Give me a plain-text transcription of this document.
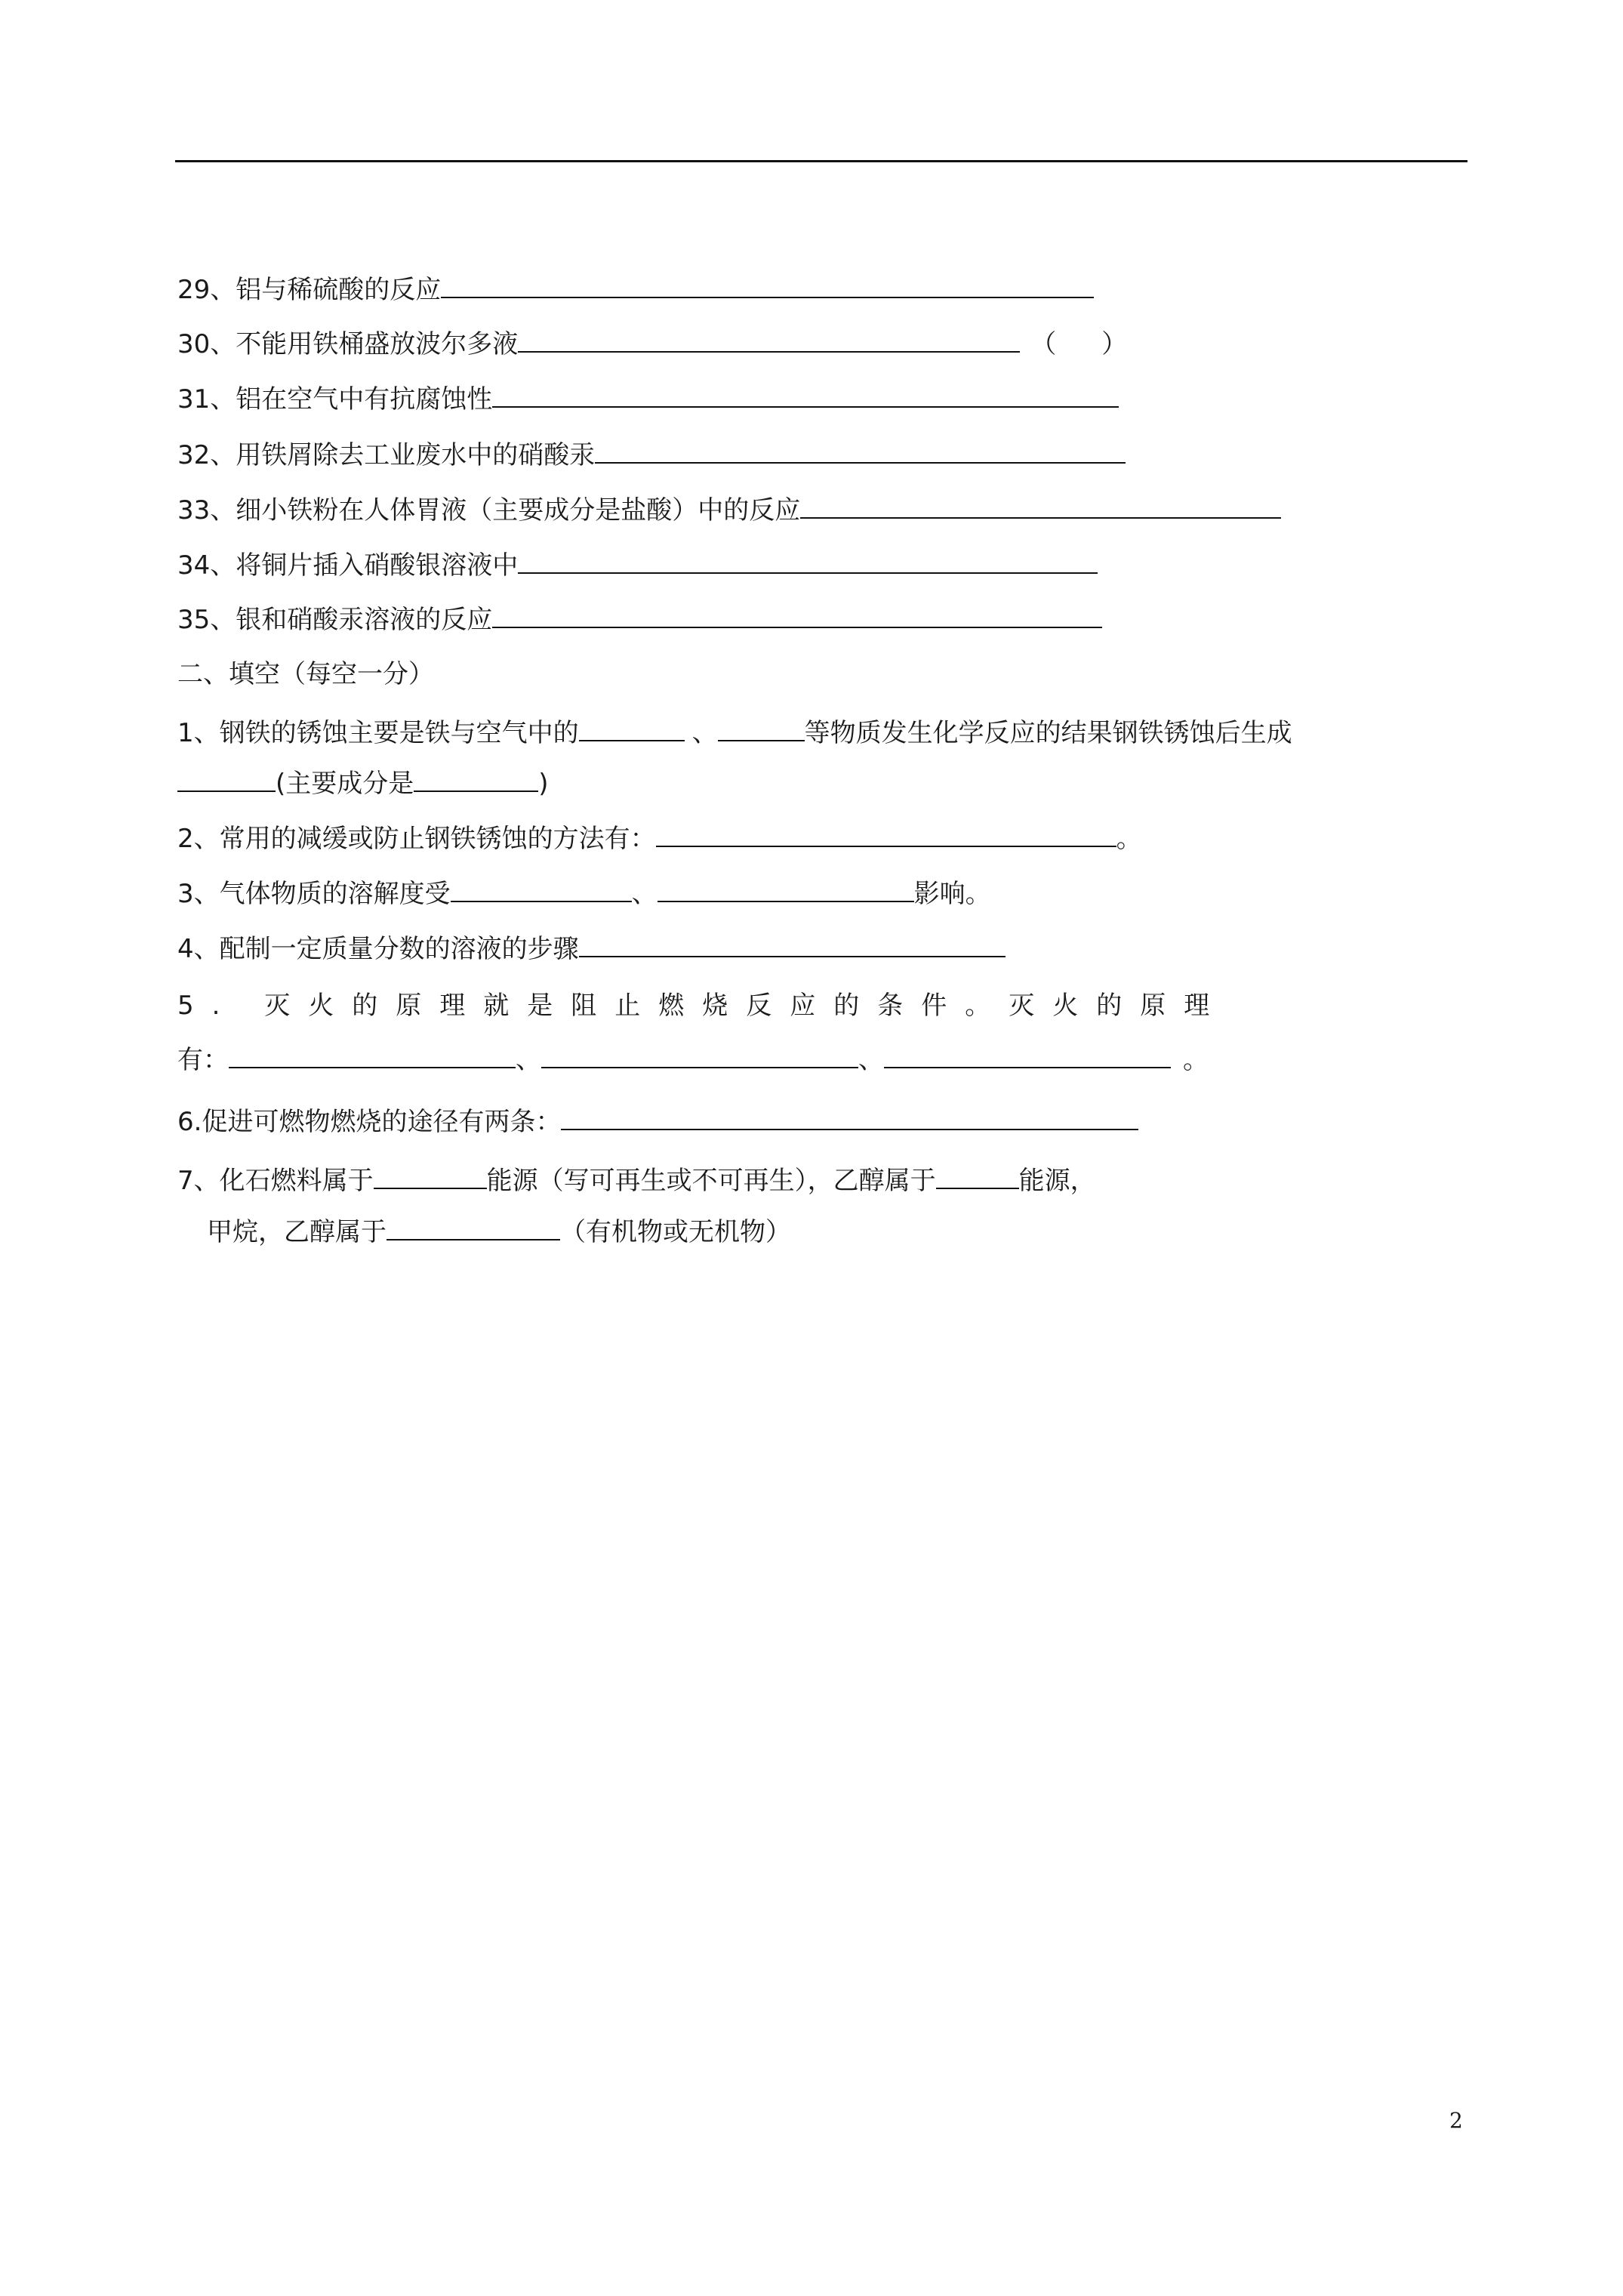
29、铝与稀硫酸的反应
30、不能用铁桶盛放波尔多液	（ ）
31、铝在空气中有抗腐蚀性
32、用铁屑除去工业废水中的硝酸汞
33、细小铁粉在人体胃液（主要成分是盐酸）中的反应
34、将铜片插入硝酸银溶液中
35、银和硝酸汞溶液的反应
二、填空（每空一分）
1、钢铁的锈蚀主要是铁与空气中的	、	等物质发生化学反应的结果钢铁锈蚀后生成
(主要成分是	)
2、常用的减缓或防止钢铁锈蚀的方法有：	。
3、气体物质的溶解度受	、	影响。
4、配制一定质量分数的溶液的步骤
5. 灭火的原理就是阻止燃烧反应的条件。灭火的原理
有：	、	、	。
6.促进可燃物燃烧的途径有两条：
7、化石燃料属于	能源（写可再生或不可再生），乙醇属于	能源，
甲烷，乙醇属于	（有机物或无机物）
2
